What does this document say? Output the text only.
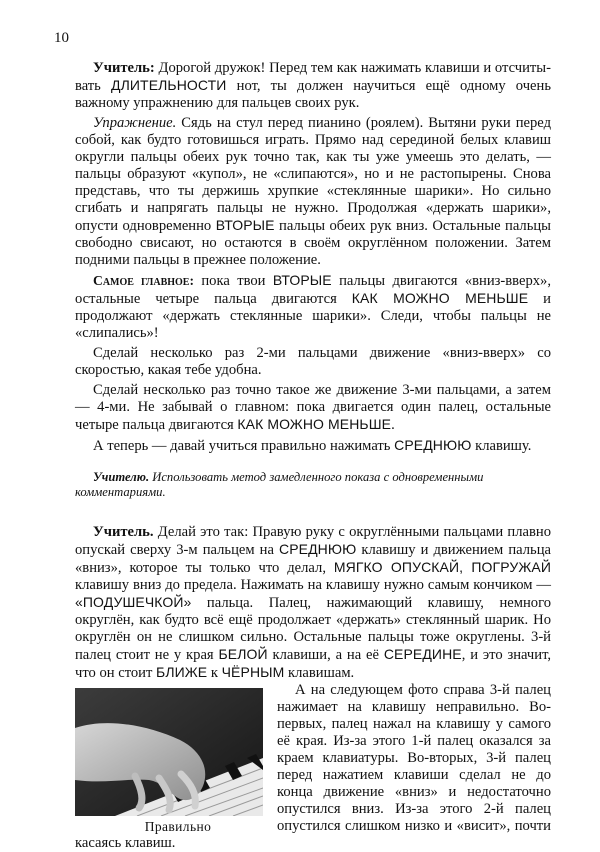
10

Учитель: Дорогой дружок! Перед тем как нажимать клавиши и отсчитывать ДЛИТЕЛЬНОСТИ нот, ты должен научиться ещё одному очень важному упражнению для пальцев своих рук.

Упражнение. Сядь на стул перед пианино (роялем). Вытяни руки перед собой, как будто готовишься играть. Прямо над серединой белых клавиш округли пальцы обеих рук точно так, как ты уже умеешь это делать, — пальцы образуют «купол», не «слипаются», но и не растопырены. Снова представь, что ты держишь хрупкие «стеклянные шарики». Но сильно сгибать и напрягать пальцы не нужно. Продолжая «держать шарики», опусти одновременно ВТОРЫЕ пальцы обеих рук вниз. Остальные пальцы свободно свисают, но остаются в своём округлённом положении. Затем подними пальцы в прежнее положение.

Самое главное: пока твои ВТОРЫЕ пальцы двигаются «вниз-вверх», остальные четыре пальца двигаются КАК МОЖНО МЕНЬШЕ и продолжают «держать стеклянные шарики». Следи, чтобы пальцы не «слипались»!

Сделай несколько раз 2-ми пальцами движение «вниз-вверх» со скоростью, какая тебе удобна.

Сделай несколько раз точно такое же движение 3-ми пальцами, а затем — 4-ми. Не забывай о главном: пока двигается один палец, остальные четыре пальца двигаются КАК МОЖНО МЕНЬШЕ.

А теперь — давай учиться правильно нажимать СРЕДНЮЮ клавишу.

Учителю. Использовать метод замедленного показа с одновременными комментариями.

Учитель. Делай это так: Правую руку с округлёнными пальцами плавно опускай сверху 3-м пальцем на СРЕДНЮЮ клавишу и движением пальца «вниз», которое ты только что делал, МЯГКО ОПУСКАЙ, ПОГРУЖАЙ клавишу вниз до предела. Нажимать на клавишу нужно самым кончиком — «ПОДУШЕЧКОЙ» пальца. Палец, нажимающий клавишу, немного округлён, как будто всё ещё продолжает «держать» стеклянный шарик. Но округлён он не слишком сильно. Остальные пальцы тоже округлены. 3-й палец стоит не у края БЕЛОЙ клавиши, а на её СЕРЕДИНЕ, и это значит, что он стоит БЛИЖЕ к ЧЁРНЫМ клавишам.

Правильно

А на следующем фото справа 3-й палец нажимает на клавишу неправильно. Во-первых, палец нажал на клавишу у самого её края. Из-за этого 1-й палец оказался за краем клавиатуры. Во-вторых, 3-й палец перед нажатием клавиши сделал не до конца движение «вниз» и недостаточно опустился вниз. Из-за этого 2-й палец опустился слишком низко и «висит», почти касаясь клавиш.
